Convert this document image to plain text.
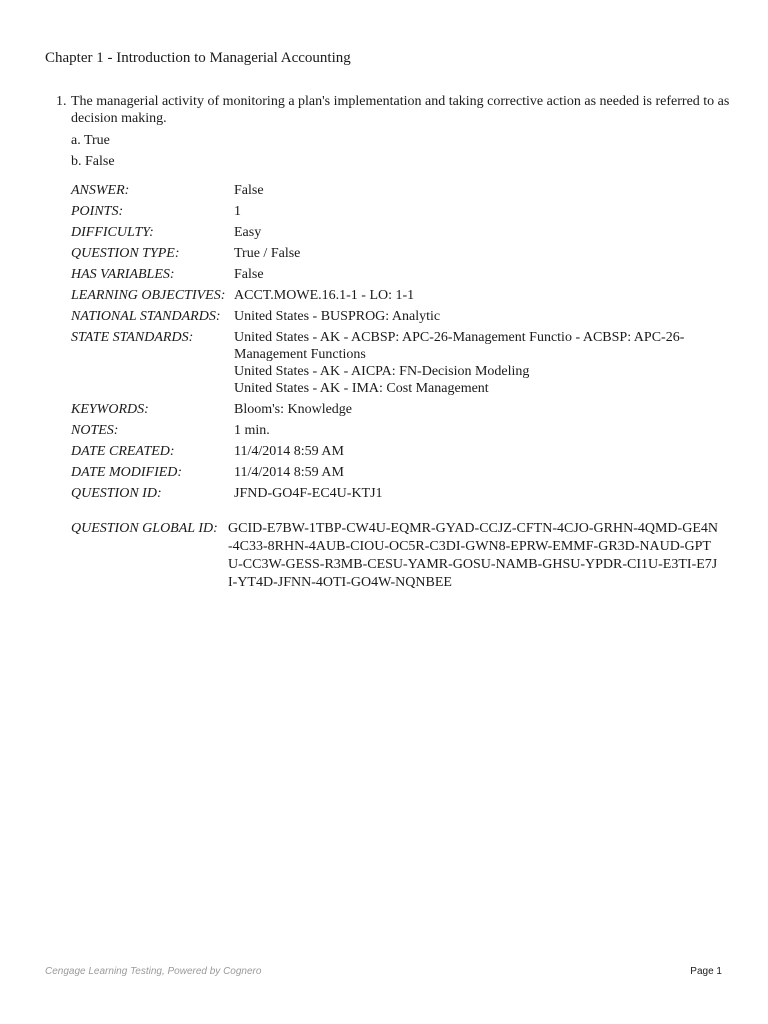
Chapter 1 - Introduction to Managerial Accounting
1. The managerial activity of monitoring a plan's implementation and taking corrective action as needed is referred to as decision making.
a. True
b. False
ANSWER:	False
POINTS:	1
DIFFICULTY:	Easy
QUESTION TYPE:	True / False
HAS VARIABLES:	False
LEARNING OBJECTIVES:	ACCT.MOWE.16.1-1 - LO: 1-1
NATIONAL STANDARDS:	United States - BUSPROG: Analytic
STATE STANDARDS:	United States - AK - ACBSP: APC-26-Management Functio - ACBSP: APC-26-Management Functions
United States - AK - AICPA: FN-Decision Modeling
United States - AK - IMA: Cost Management

KEYWORDS:	Bloom's: Knowledge
NOTES:	1 min.
DATE CREATED:	11/4/2014 8:59 AM
DATE MODIFIED:	11/4/2014 8:59 AM
QUESTION ID:	JFND-GO4F-EC4U-KTJ1
QUESTION GLOBAL ID: GCID-E7BW-1TBP-CW4U-EQMR-GYAD-CCJZ-CFTN-4CJO-GRHN-4QMD-GE4N-4C33-8RHN-4AUB-CIOU-OC5R-C3DI-GWN8-EPRW-EMMF-GR3D-NAUD-GPTU-CC3W-GESS-R3MB-CESU-YAMR-GOSU-NAMB-GHSU-YPDR-CI1U-E3TI-E7JI-YT4D-JFNN-4OTI-GO4W-NQNBEE
Cengage Learning Testing, Powered by Cognero	Page 1
